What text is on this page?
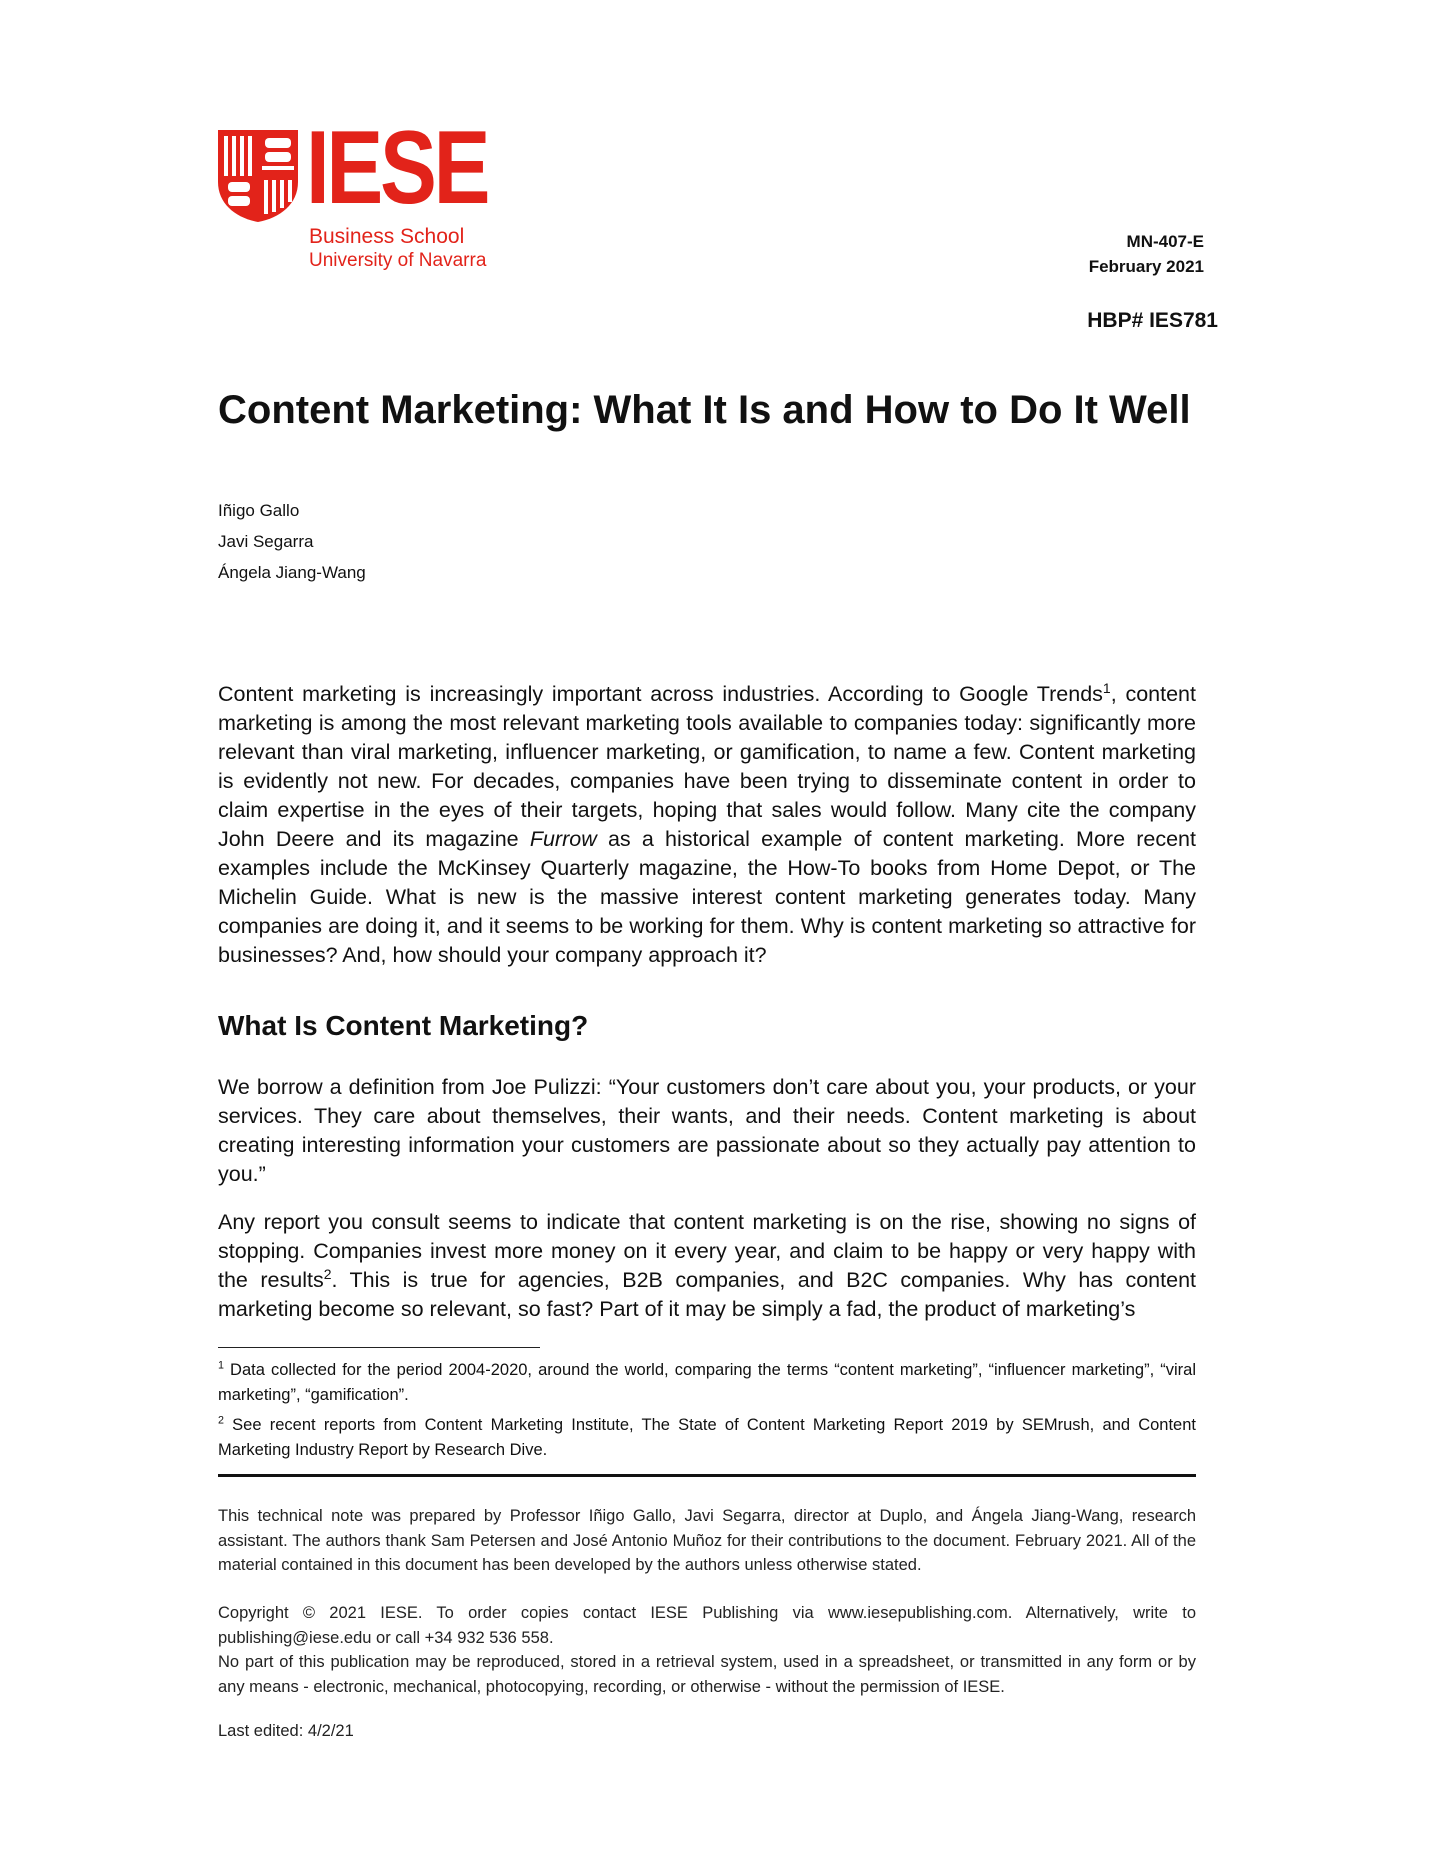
IESE
Business School
University of Navarra
MN-407-E
February 2021
HBP# IES781
Content Marketing: What It Is and How to Do It Well
Iñigo Gallo
Javi Segarra
Ángela Jiang-Wang

Content marketing is increasingly important across industries. According to Google Trends$^1$, content marketing is among the most relevant marketing tools available to companies today: significantly more relevant than viral marketing, influencer marketing, or gamification, to name a few. Content marketing is evidently not new. For decades, companies have been trying to disseminate content in order to claim expertise in the eyes of their targets, hoping that sales would follow. Many cite the company John Deere and its magazine Furrow as a historical example of content marketing. More recent examples include the McKinsey Quarterly magazine, the How-To books from Home Depot, or The Michelin Guide. What is new is the massive interest content marketing generates today. Many companies are doing it, and it seems to be working for them. Why is content marketing so attractive for businesses? And, how should your company approach it?

What Is Content Marketing?

We borrow a definition from Joe Pulizzi: “Your customers don’t care about you, your products, or your services. They care about themselves, their wants, and their needs. Content marketing is about creating interesting information your customers are passionate about so they actually pay attention to you.”

Any report you consult seems to indicate that content marketing is on the rise, showing no signs of stopping. Companies invest more money on it every year, and claim to be happy or very happy with the results$^2$. This is true for agencies, B2B companies, and B2C companies. Why has content marketing become so relevant, so fast? Part of it may be simply a fad, the product of marketing’s

$^1$ Data collected for the period 2004-2020, around the world, comparing the terms “content marketing”, “influencer marketing”, “viral marketing”, “gamification”.

$^2$ See recent reports from Content Marketing Institute, The State of Content Marketing Report 2019 by SEMrush, and Content Marketing Industry Report by Research Dive.

This technical note was prepared by Professor Iñigo Gallo, Javi Segarra, director at Duplo, and Ángela Jiang-Wang, research assistant. The authors thank Sam Petersen and José Antonio Muñoz for their contributions to the document. February 2021. All of the material contained in this document has been developed by the authors unless otherwise stated.

Copyright © 2021 IESE. To order copies contact IESE Publishing via www.iesepublishing.com. Alternatively, write to publishing@iese.edu or call +34 932 536 558.

No part of this publication may be reproduced, stored in a retrieval system, used in a spreadsheet, or transmitted in any form or by any means - electronic, mechanical, photocopying, recording, or otherwise - without the permission of IESE.

Last edited: 4/2/21
